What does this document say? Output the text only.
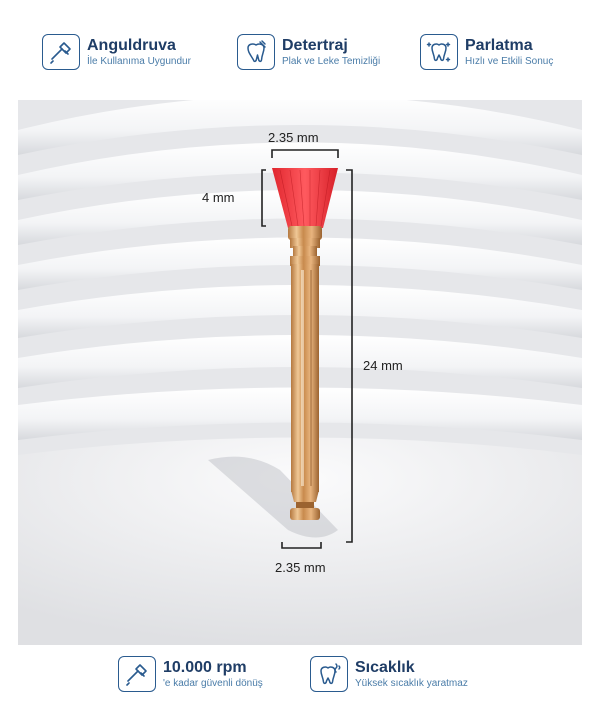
Anguldruva
İle Kullanıma Uygundur
Detertraj
Plak ve Leke Temizliği
Parlatma
Hızlı ve Etkili Sonuç
2.35 mm
4 mm
24 mm
2.35 mm
10.000 rpm
'e kadar güvenli dönüş
Sıcaklık
Yüksek sıcaklık yaratmaz
